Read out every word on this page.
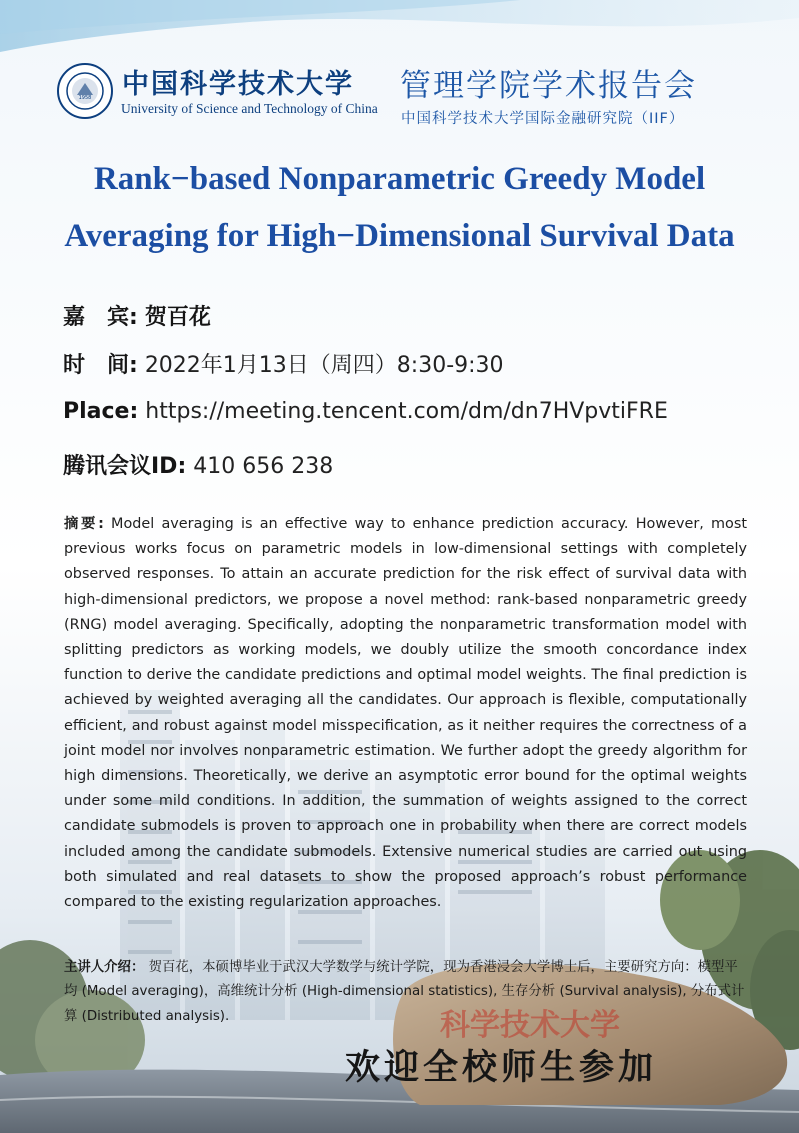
科学技术大学
1958 中国科学技术大学
University of Science and Technology of China
管理学院学术报告会
中国科学技术大学国际金融研究院（IIF）
Rank−based Nonparametric Greedy Model
Averaging for High−Dimensional Survival Data
嘉　宾: 贺百花
时　间: 2022年1月13日（周四）8:30-9:30
Place: https://meeting.tencent.com/dm/dn7HVpvtiFRE
腾讯会议ID: 410 656 238
摘要: Model averaging is an effective way to enhance prediction accuracy. However, most previous works focus on parametric models in low-dimensional settings with completely observed responses. To attain an accurate prediction for the risk effect of survival data with high-dimensional predictors, we propose a novel method: rank-based nonparametric greedy (RNG) model averaging. Specifically, adopting the nonparametric transformation model with splitting predictors as working models, we doubly utilize the smooth concordance index function to derive the candidate predictions and optimal model weights. The final prediction is achieved by weighted averaging all the candidates. Our approach is flexible, computationally efficient, and robust against model misspecification, as it neither requires the correctness of a joint model nor involves nonparametric estimation. We further adopt the greedy algorithm for high dimensions. Theoretically, we derive an asymptotic error bound for the optimal weights under some mild conditions. In addition, the summation of weights assigned to the correct candidate submodels is proven to approach one in probability when there are correct models included among the candidate submodels. Extensive numerical studies are carried out using both simulated and real datasets to show the proposed approach’s robust performance compared to the existing regularization approaches.
主讲人介绍： 贺百花，本硕博毕业于武汉大学数学与统计学院，现为香港浸会大学博士后，主要研究方向：模型平均 (Model averaging)，高维统计分析 (High-dimensional statistics), 生存分析 (Survival analysis), 分布式计算 (Distributed analysis).
欢迎全校师生参加
